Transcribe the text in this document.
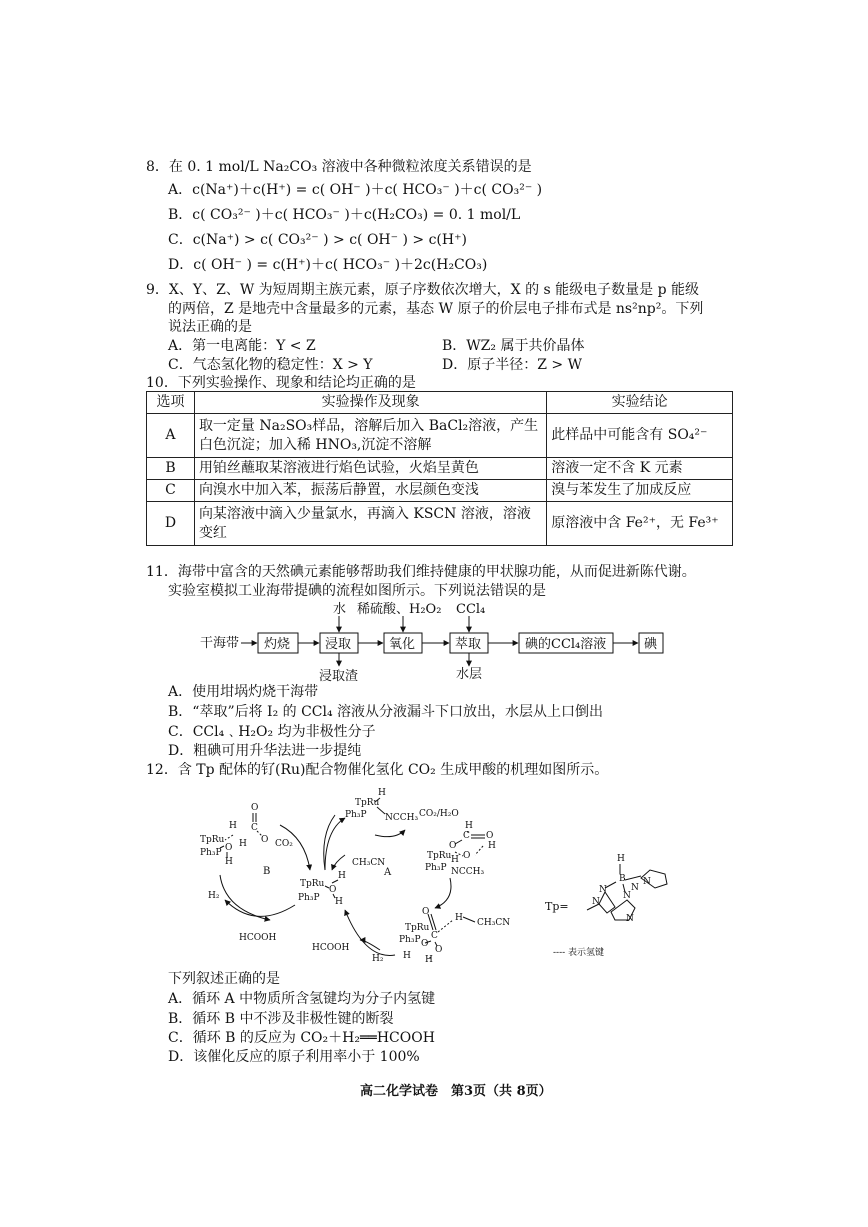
8．在 0. 1 mol/L Na₂CO₃ 溶液中各种微粒浓度关系错误的是
A．c(Na⁺)＋c(H⁺) = c( OH⁻ )＋c( HCO₃⁻ )＋c( CO₃²⁻ )
B．c( CO₃²⁻ )＋c( HCO₃⁻ )＋c(H₂CO₃) = 0. 1 mol/L
C．c(Na⁺) > c( CO₃²⁻ ) > c( OH⁻ ) > c(H⁺)
D．c( OH⁻ ) = c(H⁺)＋c( HCO₃⁻ )＋2c(H₂CO₃)
9．X、Y、Z、W 为短周期主族元素，原子序数依次增大，X 的 s 能级电子数量是 p 能级
的两倍，Z 是地壳中含量最多的元素，基态 W 原子的价层电子排布式是 ns²np²。下列
说法正确的是
A．第一电离能：Y < Z	B．WZ₂ 属于共价晶体
C．气态氢化物的稳定性：X > Y	D．原子半径：Z > W
10．下列实验操作、现象和结论均正确的是
选项	实验操作及现象	实验结论
A	取一定量 Na₂SO₃样品，溶解后加入 BaCl₂溶液，产生白色沉淀；加入稀 HNO₃,沉淀不溶解	此样品中可能含有 SO₄²⁻
B	用铂丝蘸取某溶液进行焰色试验，火焰呈黄色	溶液一定不含 K 元素
C	向溴水中加入苯，振荡后静置，水层颜色变浅	溴与苯发生了加成反应
D	向某溶液中滴入少量氯水，再滴入 KSCN 溶液，溶液变红	原溶液中含 Fe²⁺，无 Fe³⁺
11．海带中富含的天然碘元素能够帮助我们维持健康的甲状腺功能，从而促进新陈代谢。
实验室模拟工业海带提碘的流程如图所示。下列说法错误的是
干海带 灼烧	浸取	氧化	萃取	碘的CCl₄溶液	碘
水 稀硫酸、H₂O₂ CCl₄
浸取渣	水层
A．使用坩埚灼烧干海带
B．“萃取”后将 I₂ 的 CCl₄ 溶液从分液漏斗下口放出，水层从上口倒出
C．CCl₄﹑H₂O₂ 均为非极性分子
D．粗碘可用升华法进一步提纯
12．含 Tp 配体的钌(Ru)配合物催化氢化 CO₂ 生成甲酸的机理如图所示。
O
H C
O
TpRu H
Ph₃P O
H
B
CO₂
H₂
HCOOH
TpRu
Ph₃P
H
O
H
H
TpRu
Ph₃P NCCH₃ CO₂/H₂O
CH₃CN
A
H
C O
O	H
TpRu O
H
Ph₃P NCCH₃
O
H
TpRu
C
Ph₃P O
O
H H
CH₃CN
HCOOH
H₂
Tp=
H
B
N
N
N
N
N
N
---- 表示氢键
下列叙述正确的是
A．循环 A 中物质所含氢键均为分子内氢键
B．循环 B 中不涉及非极性键的断裂
C．循环 B 的反应为 CO₂＋H₂══HCOOH
D．该催化反应的原子利用率小于 100%
高二化学试卷　第3页（共 8页）
